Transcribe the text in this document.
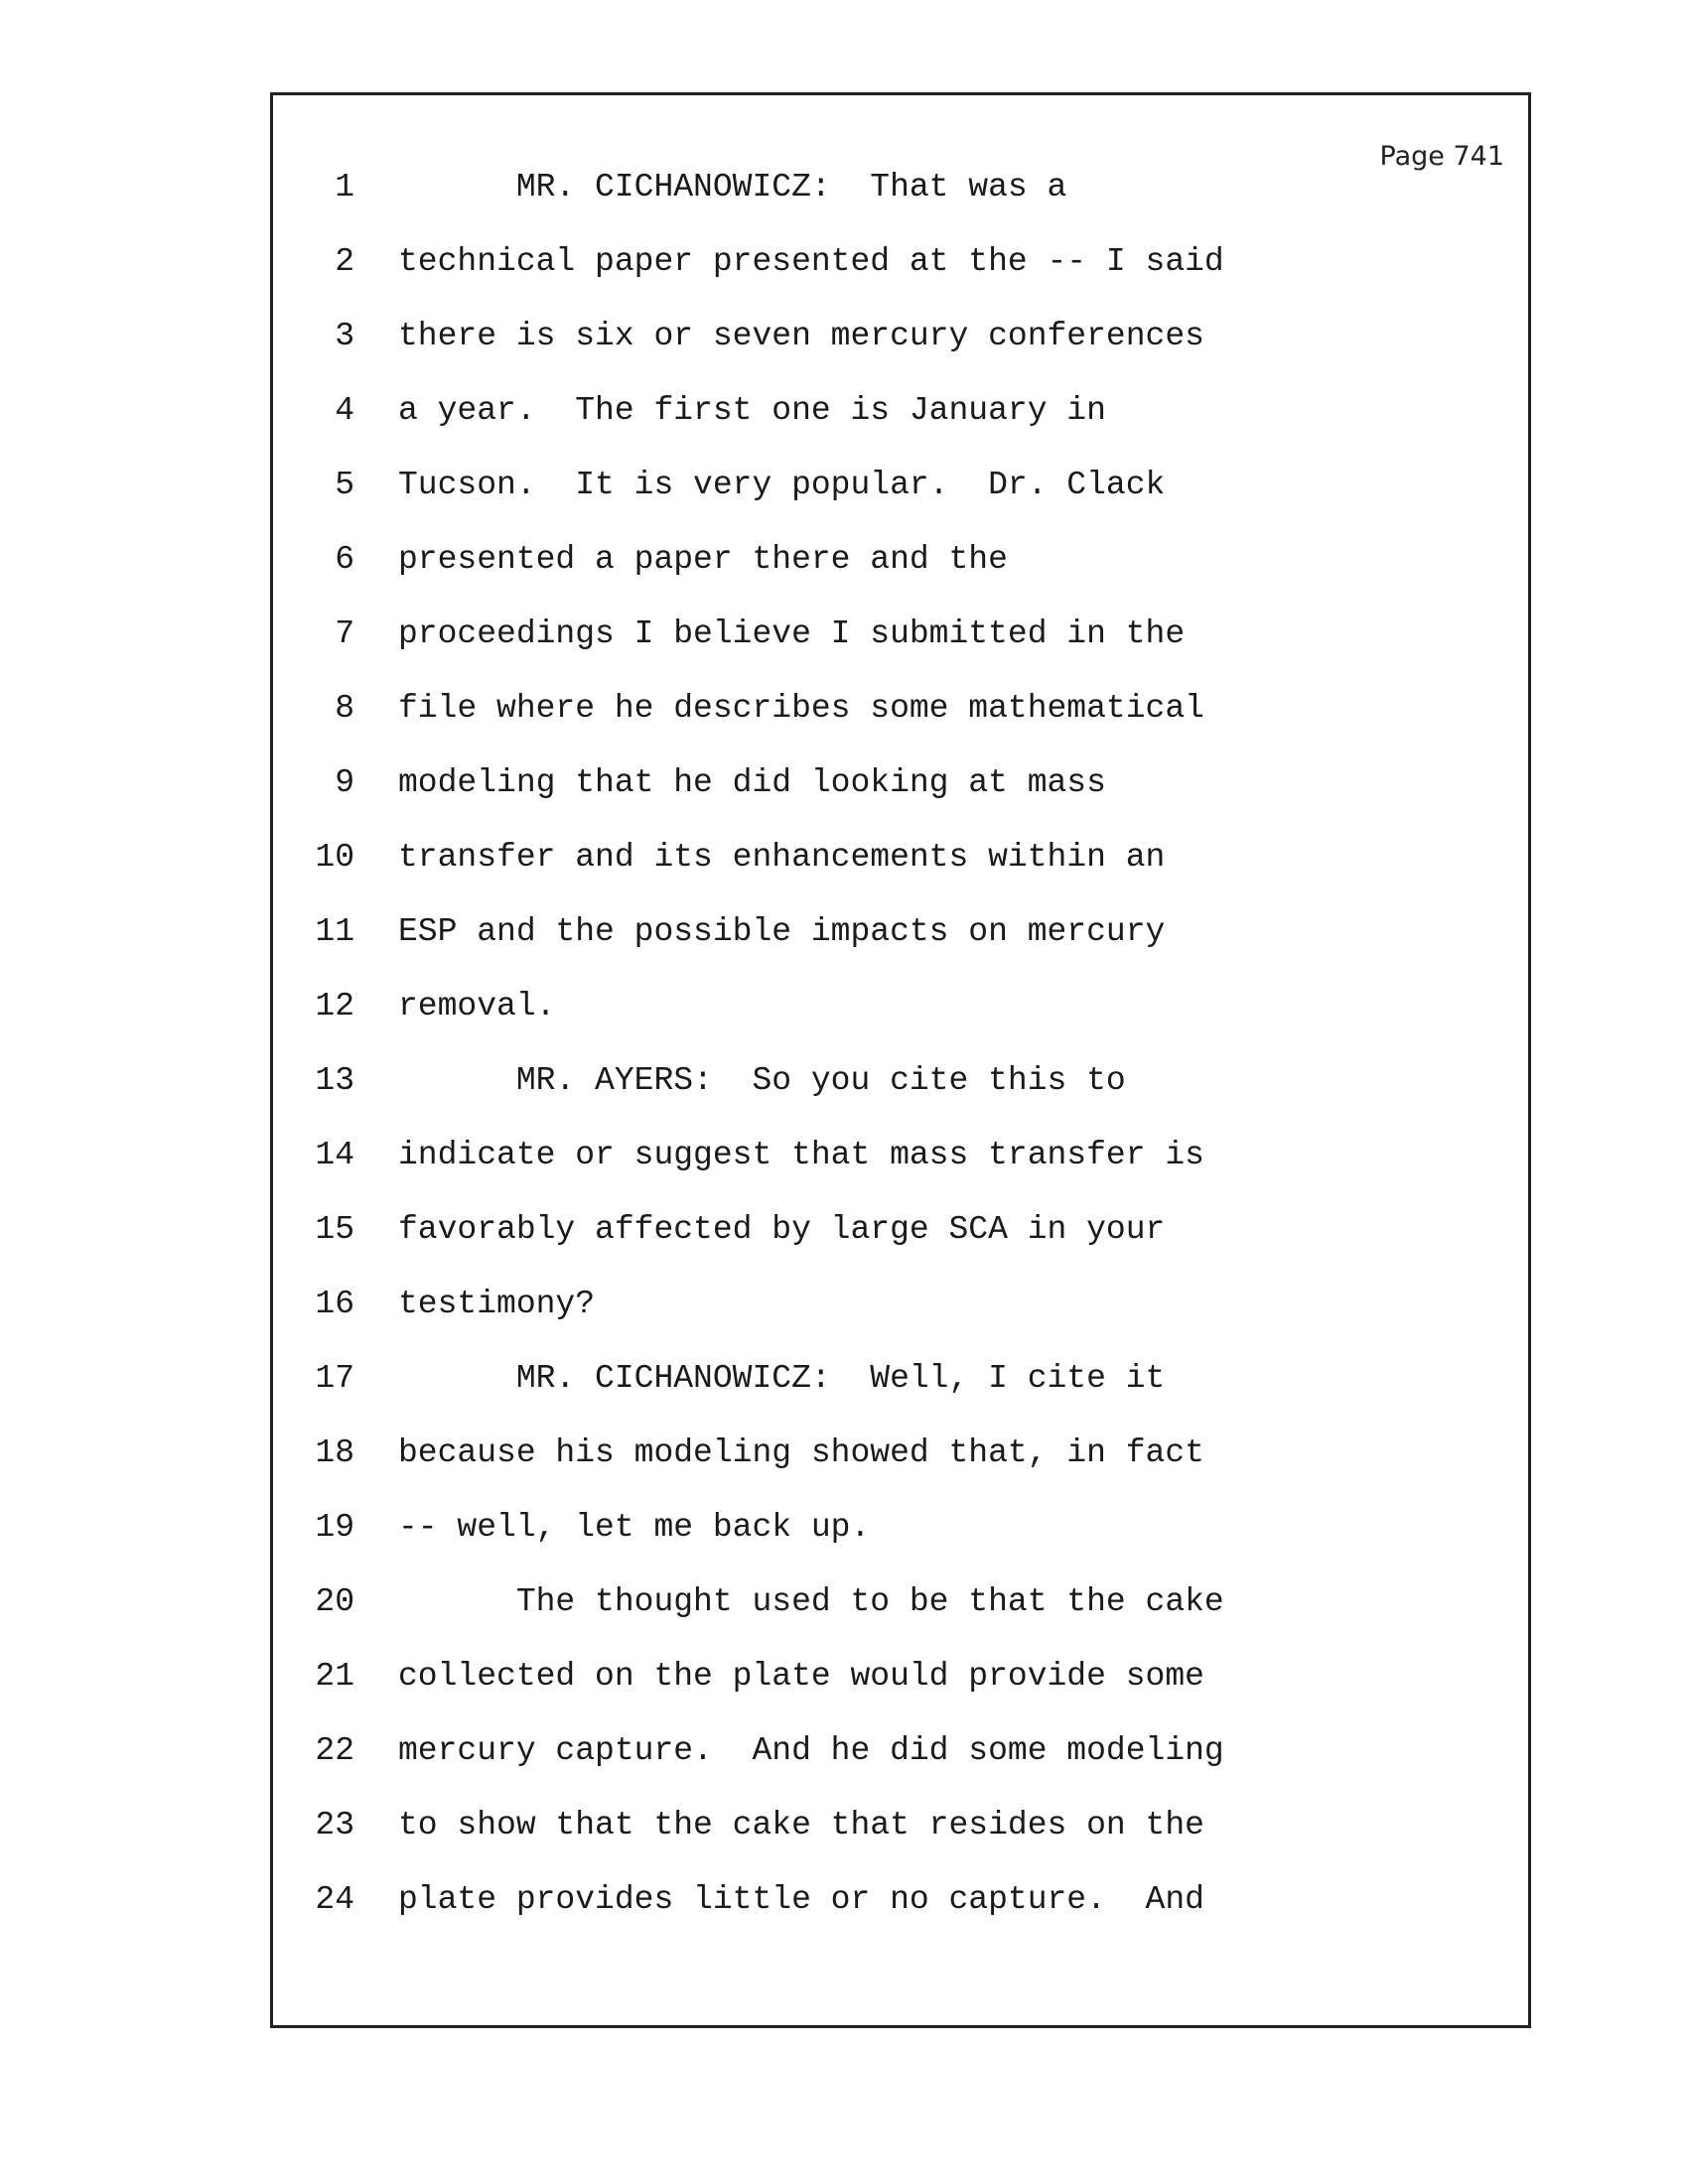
Page 741
1 MR. CICHANOWICZ:  That was a
2 technical paper presented at the -- I said
3 there is six or seven mercury conferences
4 a year.  The first one is January in
5 Tucson.  It is very popular.  Dr. Clack
6 presented a paper there and the
7 proceedings I believe I submitted in the
8 file where he describes some mathematical
9 modeling that he did looking at mass
10 transfer and its enhancements within an
11 ESP and the possible impacts on mercury
12 removal.
13 MR. AYERS:  So you cite this to
14 indicate or suggest that mass transfer is
15 favorably affected by large SCA in your
16 testimony?
17 MR. CICHANOWICZ:  Well, I cite it
18 because his modeling showed that, in fact
19 -- well, let me back up.
20 The thought used to be that the cake
21 collected on the plate would provide some
22 mercury capture.  And he did some modeling
23 to show that the cake that resides on the
24 plate provides little or no capture.  And
